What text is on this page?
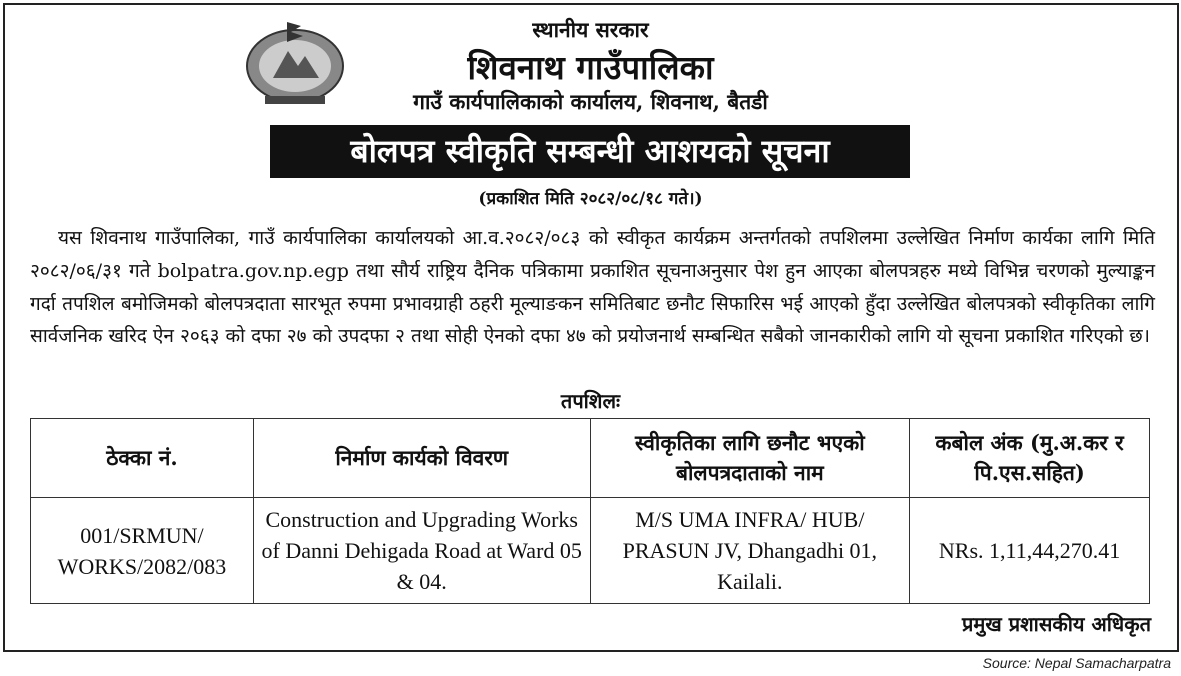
स्थानीय सरकार
शिवनाथ गाउँपालिका
गाउँ कार्यपालिकाको कार्यालय, शिवनाथ, बैतडी
बोलपत्र स्वीकृति सम्बन्धी आशयको सूचना
(प्रकाशित मिति २०८२/०८/१८ गते।)
यस शिवनाथ गाउँपालिका, गाउँ कार्यपालिका कार्यालयको आ.व.२०८२/०८३ को स्वीकृत कार्यक्रम अन्तर्गतको तपशिलमा उल्लेखित निर्माण कार्यका लागि मिति २०८२/०६/३१ गते bolpatra.gov.np.egp तथा सौर्य राष्ट्रिय दैनिक पत्रिकामा प्रकाशित सूचनाअनुसार पेश हुन आएका बोलपत्रहरु मध्ये विभिन्न चरणको मुल्याङ्कन गर्दा तपशिल बमोजिमको बोलपत्रदाता सारभूत रुपमा प्रभावग्राही ठहरी मूल्याङकन समितिबाट छनौट सिफारिस भई आएको हुँदा उल्लेखित बोलपत्रको स्वीकृतिका लागि सार्वजनिक खरिद ऐन २०६३ को दफा २७ को उपदफा २ तथा सोही ऐनको दफा ४७ को प्रयोजनार्थ सम्बन्धित सबैको जानकारीको लागि यो सूचना प्रकाशित गरिएको छ।
तपशिलः
ठेक्का नं.	निर्माण कार्यको विवरण	स्वीकृतिका लागि छनौट भएको बोलपत्रदाताको नाम	कबोल अंक (मु.अ.कर र पि.एस.सहित)
001/SRMUN/ WORKS/2082/083	Construction and Upgrading Works of Danni Dehigada Road at Ward 05 & 04.	M/S UMA INFRA/ HUB/ PRASUN JV, Dhangadhi 01, Kailali.	NRs. 1,11,44,270.41
प्रमुख प्रशासकीय अधिकृत
Source: Nepal Samacharpatra
